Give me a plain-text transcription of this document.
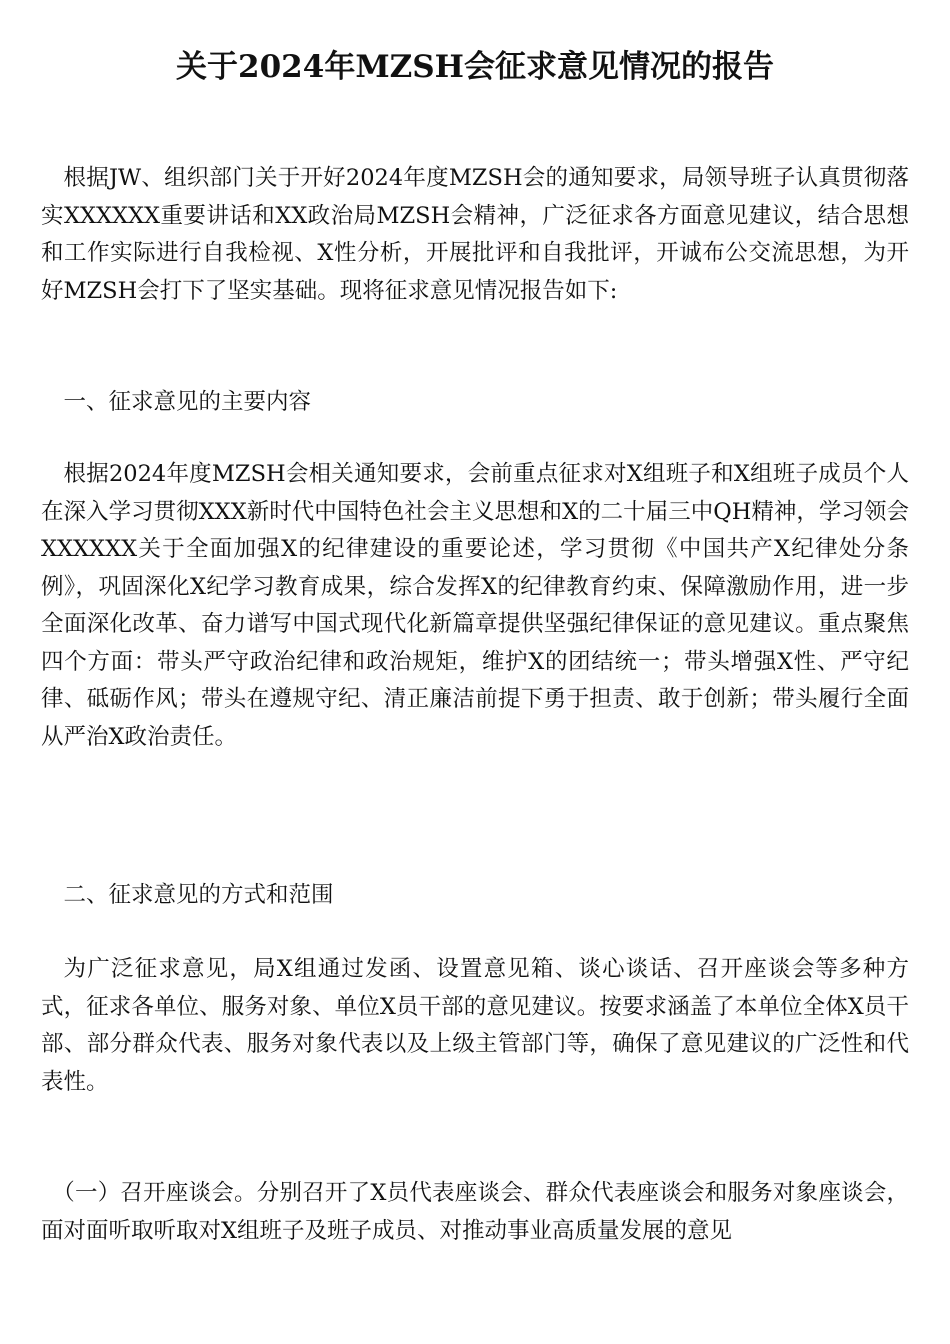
关于2024年MZSH会征求意见情况的报告

根据JW、组织部门关于开好2024年度MZSH会的通知要求，局领导班子认真贯彻落实XXXXXX重要讲话和XX政治局MZSH会精神，广泛征求各方面意见建议，结合思想和工作实际进行自我检视、X性分析，开展批评和自我批评，开诚布公交流思想，为开好MZSH会打下了坚实基础。现将征求意见情况报告如下:

一、征求意见的主要内容

根据2024年度MZSH会相关通知要求，会前重点征求对X组班子和X组班子成员个人在深入学习贯彻XXX新时代中国特色社会主义思想和X的二十届三中QH精神，学习领会XXXXXX关于全面加强X的纪律建设的重要论述，学习贯彻《中国共产X纪律处分条例》，巩固深化X纪学习教育成果，综合发挥X的纪律教育约束、保障激励作用，进一步全面深化改革、奋力谱写中国式现代化新篇章提供坚强纪律保证的意见建议。重点聚焦四个方面：带头严守政治纪律和政治规矩，维护X的团结统一；带头增强X性、严守纪律、砥砺作风；带头在遵规守纪、清正廉洁前提下勇于担责、敢于创新；带头履行全面从严治X政治责任。

二、征求意见的方式和范围

为广泛征求意见，局X组通过发函、设置意见箱、谈心谈话、召开座谈会等多种方式，征求各单位、服务对象、单位X员干部的意见建议。按要求涵盖了本单位全体X员干部、部分群众代表、服务对象代表以及上级主管部门等，确保了意见建议的广泛性和代表性。

（一）召开座谈会。分别召开了X员代表座谈会、群众代表座谈会和服务对象座谈会，面对面听取听取对X组班子及班子成员、对推动事业高质量发展的意见
